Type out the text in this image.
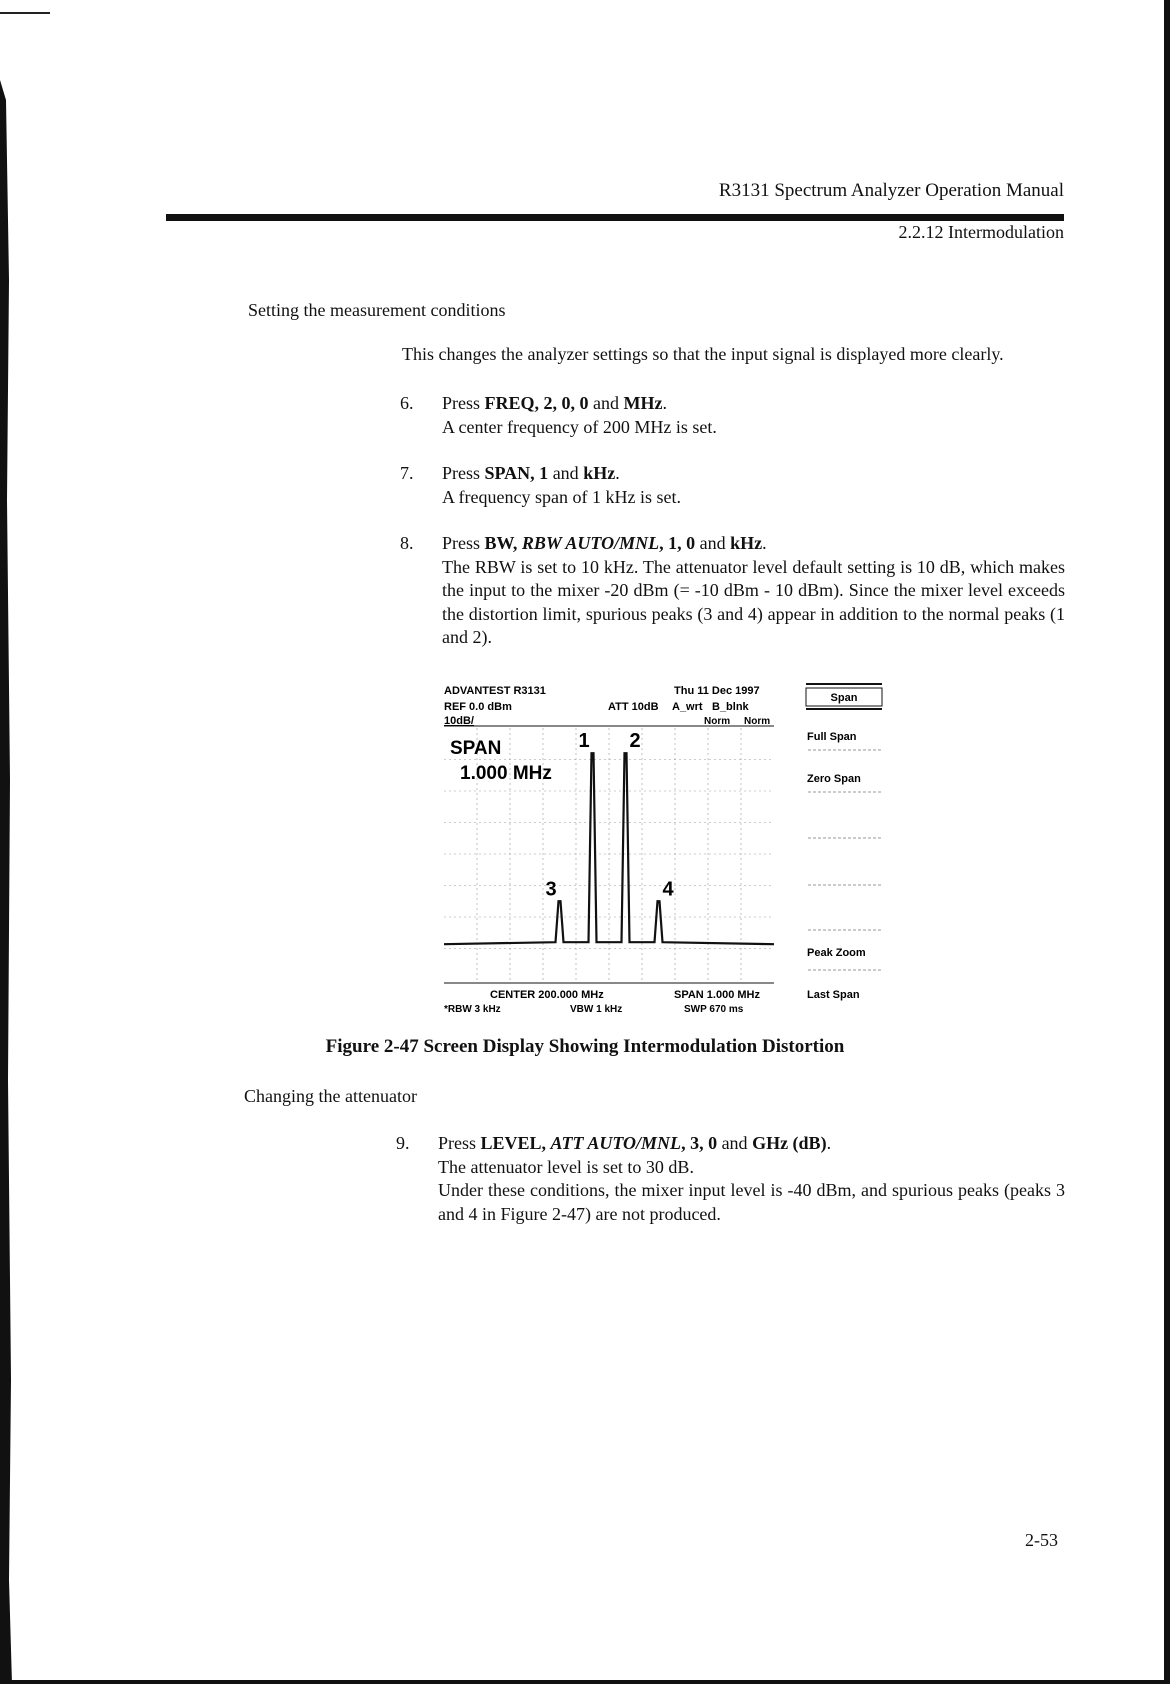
R3131 Spectrum Analyzer Operation Manual
2.2.12 Intermodulation
Setting the measurement conditions
This changes the analyzer settings so that the input signal is displayed more clearly.
6. Press FREQ, 2, 0, 0 and MHz.

A center frequency of 200 MHz is set.

7. Press SPAN, 1 and kHz.

A frequency span of 1 kHz is set.

8. Press BW, RBW AUTO/MNL, 1, 0 and kHz.

The RBW is set to 10 kHz. The attenuator level default setting is 10 dB, which makes the input to the mixer -20 dBm (= -10 dBm - 10 dBm). Since the mixer level exceeds the distortion limit, spurious peaks (3 and 4) appear in addition to the normal peaks (1 and 2).

ADVANTEST R3131	Thu 11 Dec 1997
REF 0.0 dBm	ATT 10dB A_wrt B_blnk
10dB/	Norm Norm
1 2
3	4
SPAN
1.000 MHz
CENTER 200.000 MHz	SPAN 1.000 MHz
*RBW 3 kHz	VBW 1 kHz	SWP 670 ms
Span
Full Span
Zero Span
Peak Zoom
Last Span
Figure 2-47 Screen Display Showing Intermodulation Distortion
Changing the attenuator
9. Press LEVEL, ATT AUTO/MNL, 3, 0 and GHz (dB).

The attenuator level is set to 30 dB.

Under these conditions, the mixer input level is -40 dBm, and spurious peaks (peaks 3 and 4 in Figure 2-47) are not produced.

2-53
